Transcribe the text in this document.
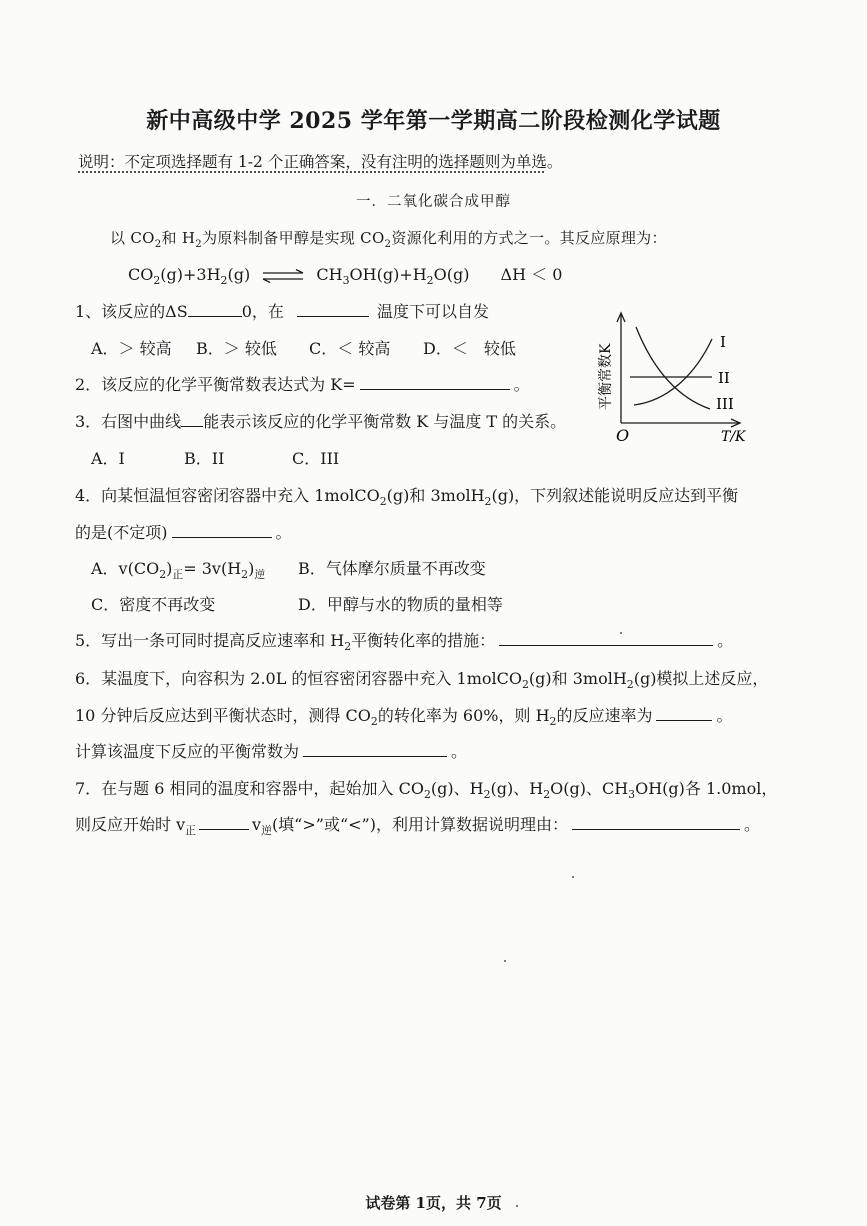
新中高级中学 2025 学年第一学期高二阶段检测化学试题
说明：不定项选择题有 1-2 个正确答案，没有注明的选择题则为单选。
一．二氧化碳合成甲醇
以 $CO_2$和 $H_2$为原料制备甲醇是实现 $CO_2$资源化利用的方式之一。其反应原理为：
$CO_2(g)+3H_2(g)$ ⇌ $CH_3OH(g)+H_2O(g) \Delta H < 0$
1、该反应的ΔS	0，在	温度下可以自发
A．＞ 较高 B．＞ 较低 C．＜ 较高 D．＜　较低
2．该反应的化学平衡常数表达式为 K=	。
3．右图中曲线 能表示该反应的化学平衡常数 K 与温度 T 的关系。
A．I	B．II	C．III
I
II
III
O	T/K
平衡常数K
4．向某恒温恒容密闭容器中充入 1molCO$_2$(g)和 3molH$_2$(g)，下列叙述能说明反应达到平衡
的是(不定项)	。
A．$v(CO_2)_正= 3v(H_2)_逆$ B．气体摩尔质量不再改变
C．密度不再改变	D．甲醇与水的物质的量相等
5．写出一条可同时提高反应速率和 $H_2$平衡转化率的措施：	。
6．某温度下，向容积为 2.0L 的恒容密闭容器中充入 1molCO$_2$(g)和 3molH$_2$(g)模拟上述反应，
10 分钟后反应达到平衡状态时，测得 $CO_2$的转化率为 60%，则 $H_2$的反应速率为	。
计算该温度下反应的平衡常数为	。
7．在与题 6 相同的温度和容器中，起始加入 $CO_2(g)$、$H_2(g)$、$H_2O(g)$、$CH_3OH(g)$各 1.0mol，
则反应开始时 $v_正$	$v_逆$(填“>”或“<”)，利用计算数据说明理由：	。
试卷第 1页，共 7页
